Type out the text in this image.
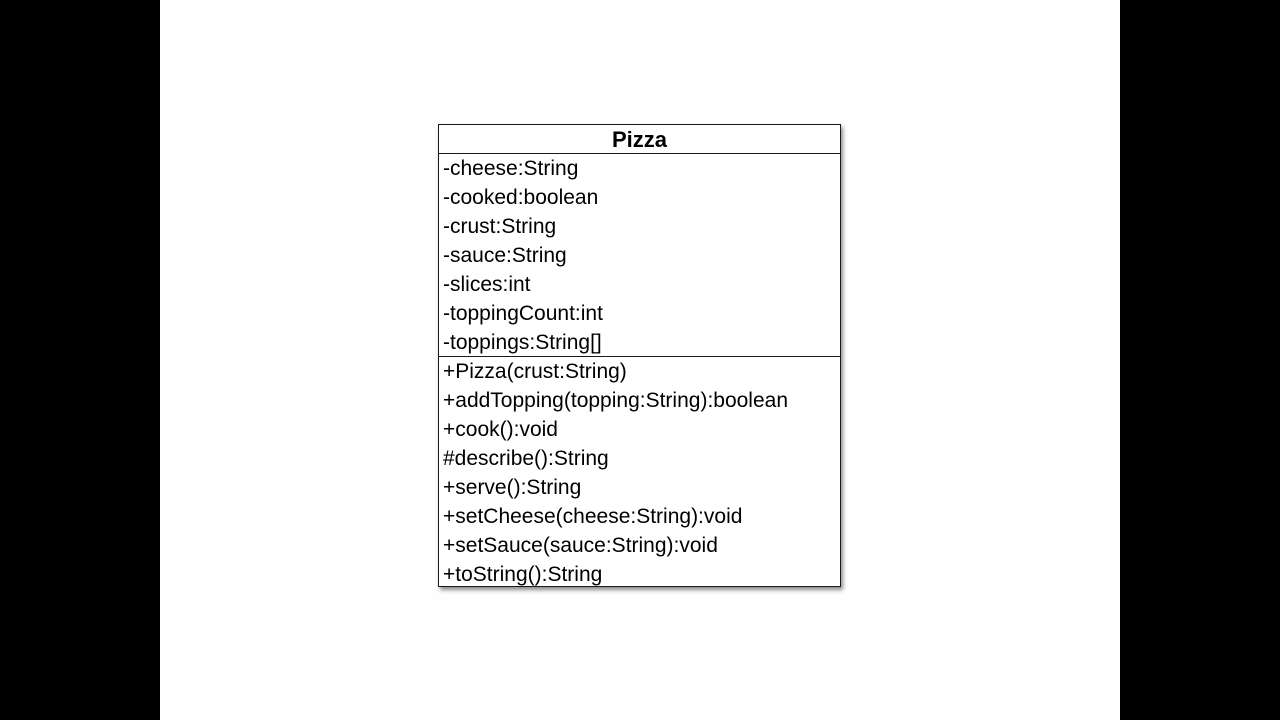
Pizza
-cheese:String
-cooked:boolean
-crust:String
-sauce:String
-slices:int
-toppingCount:int
-toppings:String[]
+Pizza(crust:String)
+addTopping(topping:String):boolean
+cook():void
#describe():String
+serve():String
+setCheese(cheese:String):void
+setSauce(sauce:String):void
+toString():String
